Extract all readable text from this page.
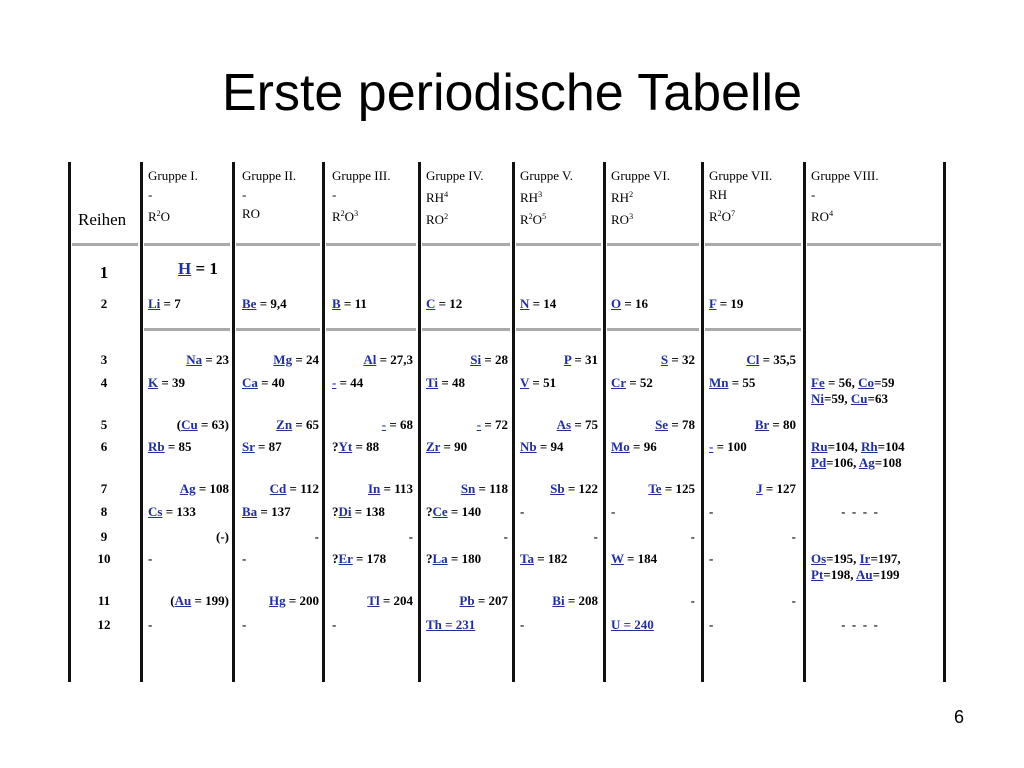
Erste periodische Tabelle
Reihen
Gruppe I.
-
$R^2O$
Gruppe II.
-
RO
Gruppe III.
-
$R^2O^3$
Gruppe IV.
$RH^4$
$RO^2$
Gruppe V.
$RH^3$
$R^2O^5$
Gruppe VI.
$RH^2$
$RO^3$
Gruppe VII.
RH
$R^2O^7$
Gruppe VIII.
-
$RO^4$
1	H = 1
2	Li = 7	Be = 9,4	B = 11	C = 12	N = 14	O = 16	F = 19
3	Na = 23	Mg = 24	Al = 27,3	Si = 28	P = 31	S = 32	Cl = 35,5
4	K = 39	Ca = 40	- = 44	Ti = 48	V = 51	Cr = 52	Mn = 55	Fe = 56, Co=59
Ni=59, Cu=63
5	(Cu = 63)	Zn = 65	- = 68	- = 72	As = 75	Se = 78	Br = 80
6	Rb = 85	Sr = 87	?Yt = 88	Zr = 90	Nb = 94	Mo = 96	- = 100	Ru=104, Rh=104
Pd=106, Ag=108
7	Ag = 108	Cd = 112	In = 113	Sn = 118	Sb = 122	Te = 125	J = 127
8	Cs = 133	Ba = 137	?Di = 138	?Ce = 140	-	-	-	-  -  -  -
9	(-)	-	-	-	-	-	-
10	-	-	?Er = 178	?La = 180	Ta = 182	W = 184	-	Os=195, Ir=197,
Pt=198, Au=199
11	(Au = 199)	Hg = 200	Tl = 204	Pb = 207	Bi = 208	-	-
12	-	-	-	Th = 231	-	U = 240	-	-  -  -  -
6
